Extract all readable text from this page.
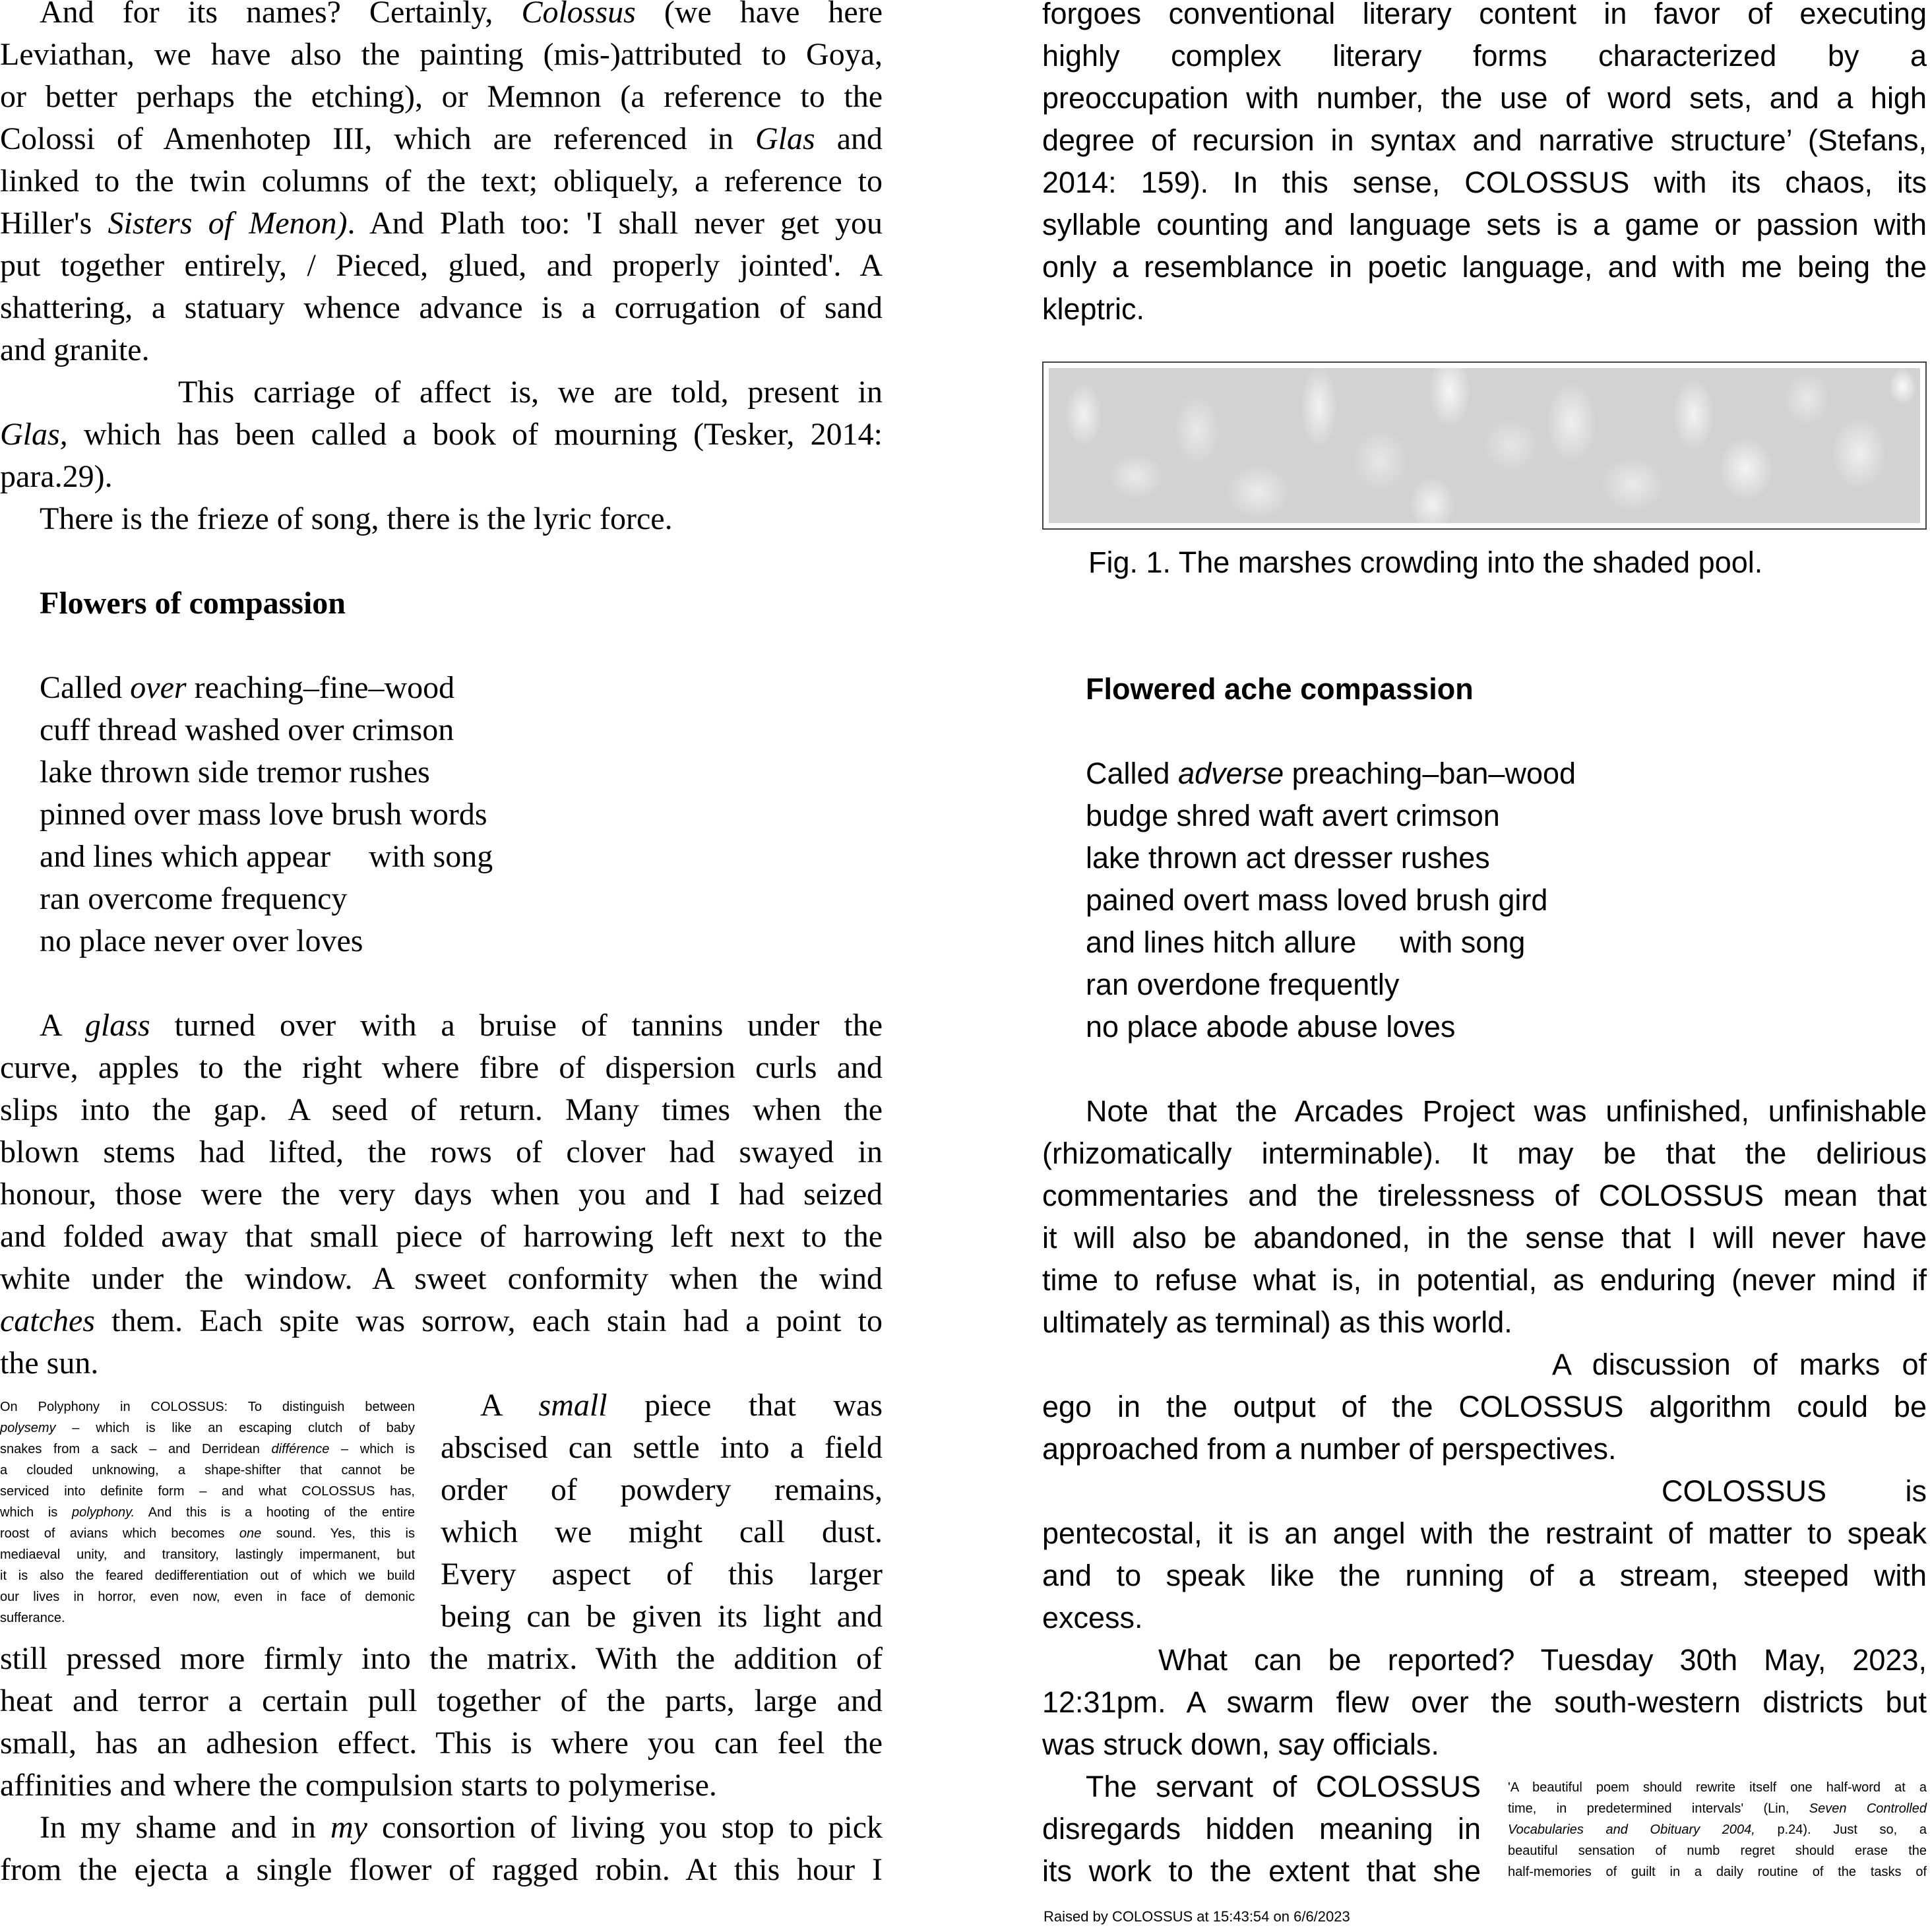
And for its names? Certainly, Colossus (we have here
Leviathan, we have also the painting (mis-)attributed to Goya,
or better perhaps the etching), or Memnon (a reference to the
Colossi of Amenhotep III, which are referenced in Glas and
linked to the twin columns of the text; obliquely, a reference to
Hiller's Sisters of Menon). And Plath too: 'I shall never get you
put together entirely, / Pieced, glued, and properly jointed'. A
shattering, a statuary whence advance is a corrugation of sand
and granite.
This carriage of affect is, we are told, present in
Glas, which has been called a book of mourning (Tesker, 2014:
para.29).
There is the frieze of song, there is the lyric force.
Flowers of compassion
Called over reaching–fine–wood
cuff thread washed over crimson
lake thrown side tremor rushes
pinned over mass love brush words
and lines which appear with song
ran overcome frequency
no place never over loves
A glass turned over with a bruise of tannins under the
curve, apples to the right where fibre of dispersion curls and
slips into the gap. A seed of return. Many times when the
blown stems had lifted, the rows of clover had swayed in
honour, those were the very days when you and I had seized
and folded away that small piece of harrowing left next to the
white under the window. A sweet conformity when the wind
catches them. Each spite was sorrow, each stain had a point to
the sun.
On Polyphony in COLOSSUS: To distinguish between
polysemy – which is like an escaping clutch of baby
snakes from a sack – and Derridean différence – which is
a clouded unknowing, a shape-shifter that cannot be
serviced into definite form – and what COLOSSUS has,
which is polyphony. And this is a hooting of the entire
roost of avians which becomes one sound. Yes, this is
mediaeval unity, and transitory, lastingly impermanent, but
it is also the feared dedifferentiation out of which we build
our lives in horror, even now, even in face of demonic
sufferance.
A small piece that was
abscised can settle into a field
order of powdery remains,
which we might call dust.
Every aspect of this larger
being can be given its light and
still pressed more firmly into the matrix. With the addition of
heat and terror a certain pull together of the parts, large and
small, has an adhesion effect. This is where you can feel the
affinities and where the compulsion starts to polymerise.
In my shame and in my consortion of living you stop to pick
from the ejecta a single flower of ragged robin. At this hour I
forgoes conventional literary content in favor of executing
highly complex literary forms characterized by a
preoccupation with number, the use of word sets, and a high
degree of recursion in syntax and narrative structure’ (Stefans,
2014: 159). In this sense, COLOSSUS with its chaos, its
syllable counting and language sets is a game or passion with
only a resemblance in poetic language, and with me being the
kleptric.
Fig. 1. The marshes crowding into the shaded pool.
Flowered ache compassion
Called adverse preaching–ban–wood
budge shred waft avert crimson
lake thrown act dresser rushes
pained overt mass loved brush gird
and lines hitch allure with song
ran overdone frequently
no place abode abuse loves
Note that the Arcades Project was unfinished, unfinishable
(rhizomatically interminable). It may be that the delirious
commentaries and the tirelessness of COLOSSUS mean that
it will also be abandoned, in the sense that I will never have
time to refuse what is, in potential, as enduring (never mind if
ultimately as terminal) as this world.
A discussion of marks of
ego in the output of the COLOSSUS algorithm could be
approached from a number of perspectives.
COLOSSUS is
pentecostal, it is an angel with the restraint of matter to speak
and to speak like the running of a stream, steeped with
excess.
What can be reported? Tuesday 30th May, 2023,
12:31pm. A swarm flew over the south-western districts but
was struck down, say officials.
The servant of COLOSSUS
disregards hidden meaning in
its work to the extent that she
'A beautiful poem should rewrite itself one half-word at a
time, in predetermined intervals' (Lin, Seven Controlled
Vocabularies and Obituary 2004, p.24). Just so, a
beautiful sensation of numb regret should erase the
half-memories of guilt in a daily routine of the tasks of
Raised by COLOSSUS at 15:43:54 on 6/6/2023
